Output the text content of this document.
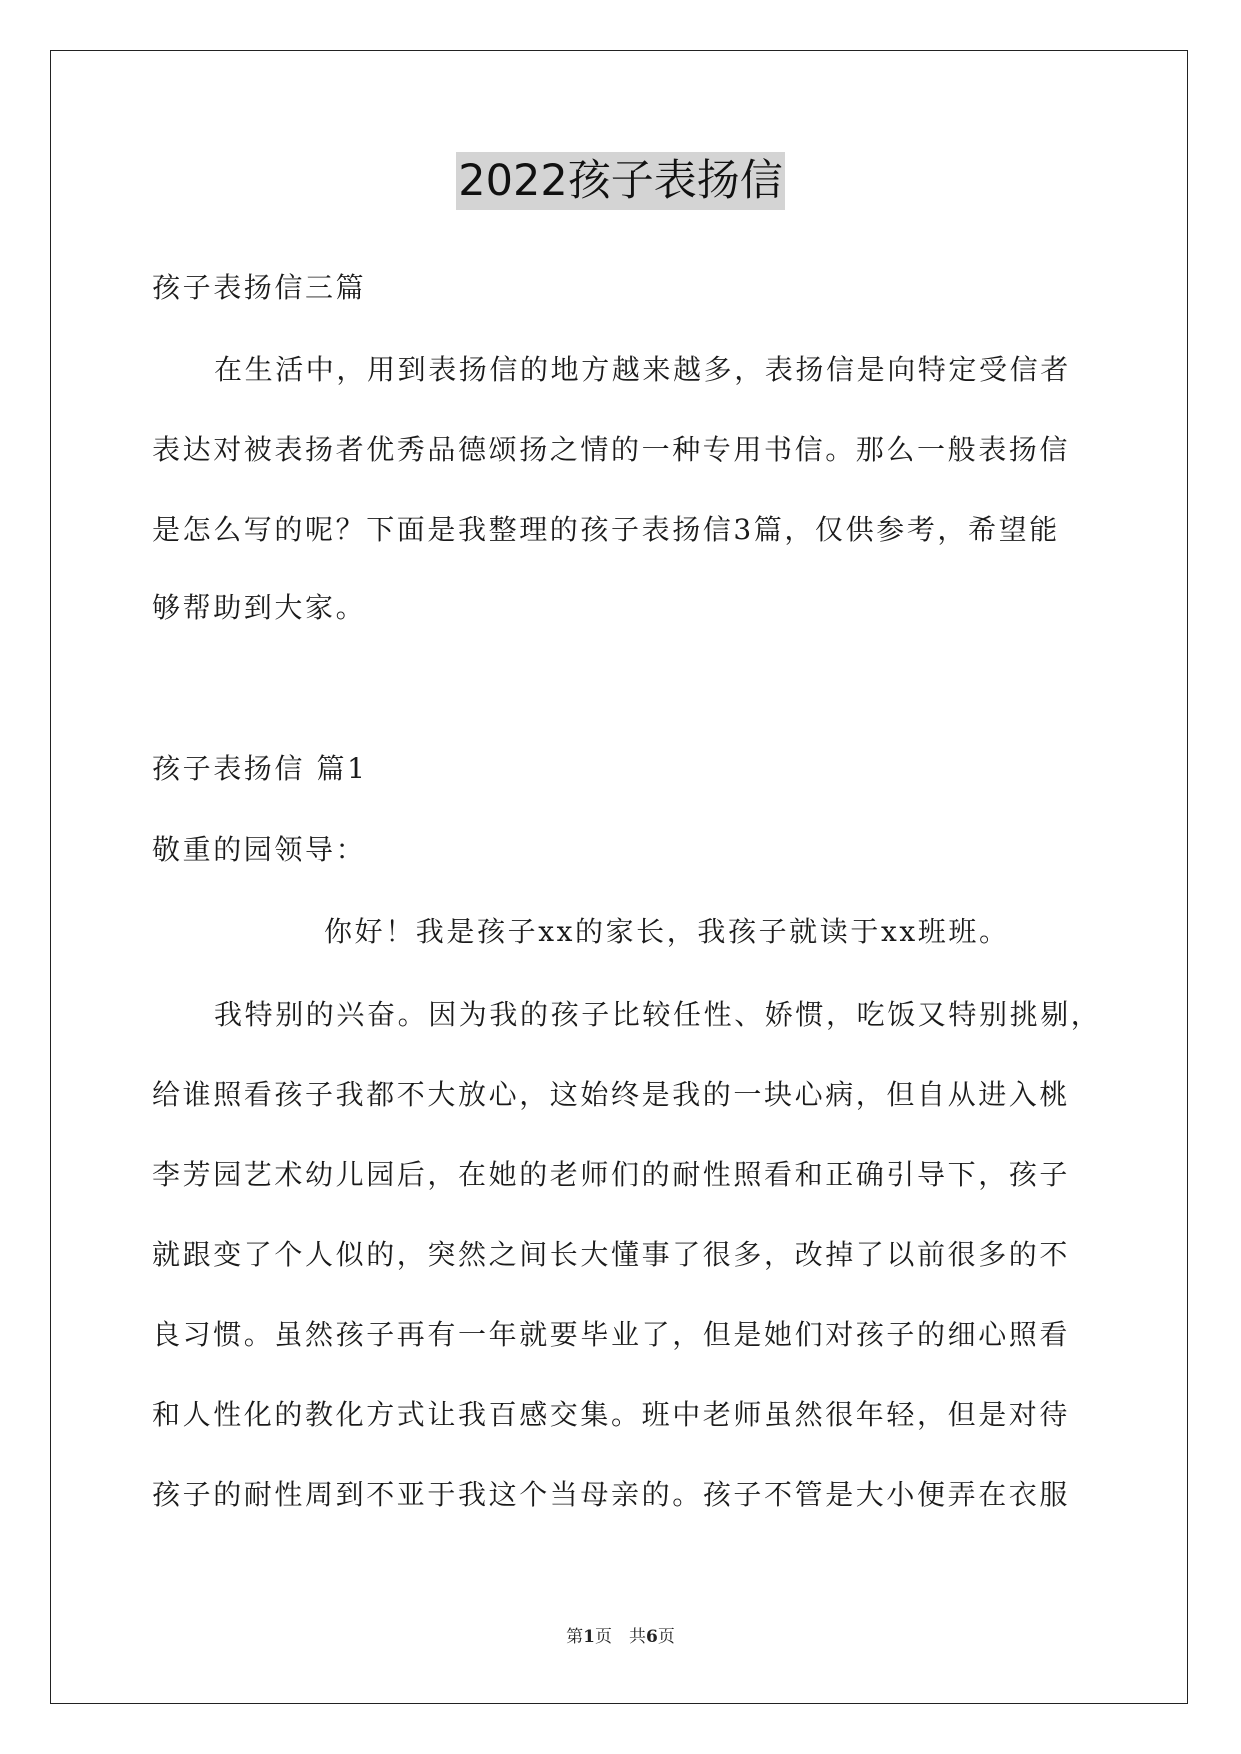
2022孩子表扬信
孩子表扬信三篇
在生活中，用到表扬信的地方越来越多，表扬信是向特定受信者
表达对被表扬者优秀品德颂扬之情的一种专用书信。那么一般表扬信
是怎么写的呢？下面是我整理的孩子表扬信3篇，仅供参考，希望能
够帮助到大家。
孩子表扬信 篇1
敬重的园领导：
你好！我是孩子xx的家长，我孩子就读于xx班班。
我特别的兴奋。因为我的孩子比较任性、娇惯，吃饭又特别挑剔，
给谁照看孩子我都不大放心，这始终是我的一块心病，但自从进入桃
李芳园艺术幼儿园后，在她的老师们的耐性照看和正确引导下，孩子
就跟变了个人似的，突然之间长大懂事了很多，改掉了以前很多的不
良习惯。虽然孩子再有一年就要毕业了，但是她们对孩子的细心照看
和人性化的教化方式让我百感交集。班中老师虽然很年轻，但是对待
孩子的耐性周到不亚于我这个当母亲的。孩子不管是大小便弄在衣服
第1页　共6页
